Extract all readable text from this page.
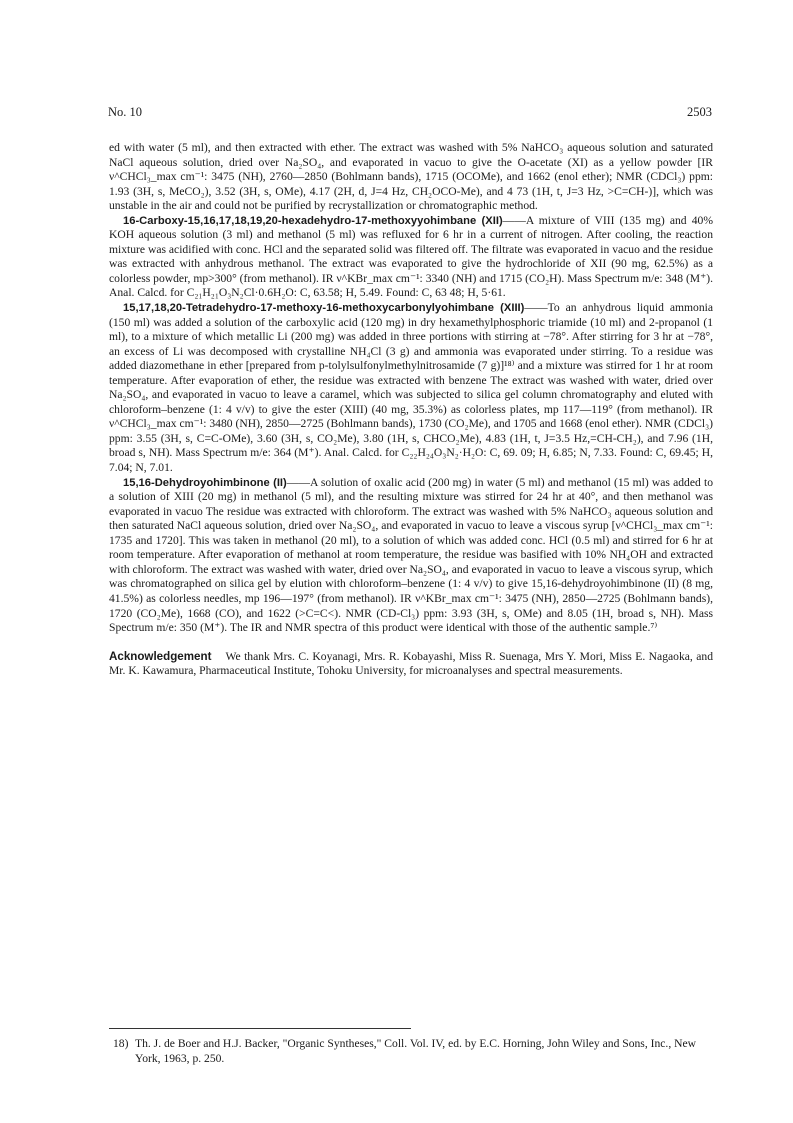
No. 10	2503

ed with water (5 ml), and then extracted with ether. The extract was washed with 5% NaHCO₃ aqueous solution and saturated NaCl aqueous solution, dried over Na₂SO₄, and evaporated in vacuo to give the O-acetate (XI) as a yellow powder [IR ν^CHCl₃_max cm⁻¹: 3475 (NH), 2760—2850 (Bohlmann bands), 1715 (OCOMe), and 1662 (enol ether); NMR (CDCl₃) ppm: 1.93 (3H, s, MeCO₂), 3.52 (3H, s, OMe), 4.17 (2H, d, J=4 Hz, CH₂OCO-Me), and 4 73 (1H, t, J=3 Hz, >C=CH-)], which was unstable in the air and could not be purified by recrystallization or chromatographic method.

16-Carboxy-15,16,17,18,19,20-hexadehydro-17-methoxyyohimbane (XII)——A mixture of VIII (135 mg) and 40% KOH aqueous solution (3 ml) and methanol (5 ml) was refluxed for 6 hr in a current of nitrogen. After cooling, the reaction mixture was acidified with conc. HCl and the separated solid was filtered off. The filtrate was evaporated in vacuo and the residue was extracted with anhydrous methanol. The extract was evaporated to give the hydrochloride of XII (90 mg, 62.5%) as a colorless powder, mp>300° (from methanol). IR ν^KBr_max cm⁻¹: 3340 (NH) and 1715 (CO₂H). Mass Spectrum m/e: 348 (M⁺). Anal. Calcd. for C₂₁H₂₁O₃N₂Cl·0.6H₂O: C, 63.58; H, 5.49. Found: C, 63 48; H, 5·61.

15,17,18,20-Tetradehydro-17-methoxy-16-methoxycarbonylyohimbane (XIII)——To an anhydrous liquid ammonia (150 ml) was added a solution of the carboxylic acid (120 mg) in dry hexamethylphosphoric triamide (10 ml) and 2-propanol (1 ml), to a mixture of which metallic Li (200 mg) was added in three portions with stirring at −78°. After stirring for 3 hr at −78°, an excess of Li was decomposed with crystalline NH₄Cl (3 g) and ammonia was evaporated under stirring. To a residue was added diazomethane in ether [prepared from p-tolylsulfonylmethylnitrosamide (7 g)]¹⁸⁾ and a mixture was stirred for 1 hr at room temperature. After evaporation of ether, the residue was extracted with benzene The extract was washed with water, dried over Na₂SO₄, and evaporated in vacuo to leave a caramel, which was subjected to silica gel column chromatography and eluted with chloroform–benzene (1: 4 v/v) to give the ester (XIII) (40 mg, 35.3%) as colorless plates, mp 117—119° (from methanol). IR ν^CHCl₃_max cm⁻¹: 3480 (NH), 2850—2725 (Bohlmann bands), 1730 (CO₂Me), and 1705 and 1668 (enol ether). NMR (CDCl₃) ppm: 3.55 (3H, s, C=C-OMe), 3.60 (3H, s, CO₂Me), 3.80 (1H, s, CHCO₂Me), 4.83 (1H, t, J=3.5 Hz,=CH-CH₂), and 7.96 (1H, broad s, NH). Mass Spectrum m/e: 364 (M⁺). Anal. Calcd. for C₂₂H₂₄O₃N₂·H₂O: C, 69. 09; H, 6.85; N, 7.33. Found: C, 69.45; H, 7.04; N, 7.01.

15,16-Dehydroyohimbinone (II)——A solution of oxalic acid (200 mg) in water (5 ml) and methanol (15 ml) was added to a solution of XIII (20 mg) in methanol (5 ml), and the resulting mixture was stirred for 24 hr at 40°, and then methanol was evaporated in vacuo The residue was extracted with chloroform. The extract was washed with 5% NaHCO₃ aqueous solution and then saturated NaCl aqueous solution, dried over Na₂SO₄, and evaporated in vacuo to leave a viscous syrup [ν^CHCl₃_max cm⁻¹: 1735 and 1720]. This was taken in methanol (20 ml), to a solution of which was added conc. HCl (0.5 ml) and stirred for 6 hr at room temperature. After evaporation of methanol at room temperature, the residue was basified with 10% NH₄OH and extracted with chloroform. The extract was washed with water, dried over Na₂SO₄, and evaporated in vacuo to leave a viscous syrup, which was chromatographed on silica gel by elution with chloroform–benzene (1: 4 v/v) to give 15,16-dehydroyohimbinone (II) (8 mg, 41.5%) as colorless needles, mp 196—197° (from methanol). IR ν^KBr_max cm⁻¹: 3475 (NH), 2850—2725 (Bohlmann bands), 1720 (CO₂Me), 1668 (CO), and 1622 (>C=C<). NMR (CD-Cl₃) ppm: 3.93 (3H, s, OMe) and 8.05 (1H, broad s, NH). Mass Spectrum m/e: 350 (M⁺). The IR and NMR spectra of this product were identical with those of the authentic sample.⁷⁾

Acknowledgement We thank Mrs. C. Koyanagi, Mrs. R. Kobayashi, Miss R. Suenaga, Mrs Y. Mori, Miss E. Nagaoka, and Mr. K. Kawamura, Pharmaceutical Institute, Tohoku University, for microanalyses and spectral measurements.

18) Th. J. de Boer and H.J. Backer, "Organic Syntheses," Coll. Vol. IV, ed. by E.C. Horning, John Wiley and Sons, Inc., New York, 1963, p. 250.
